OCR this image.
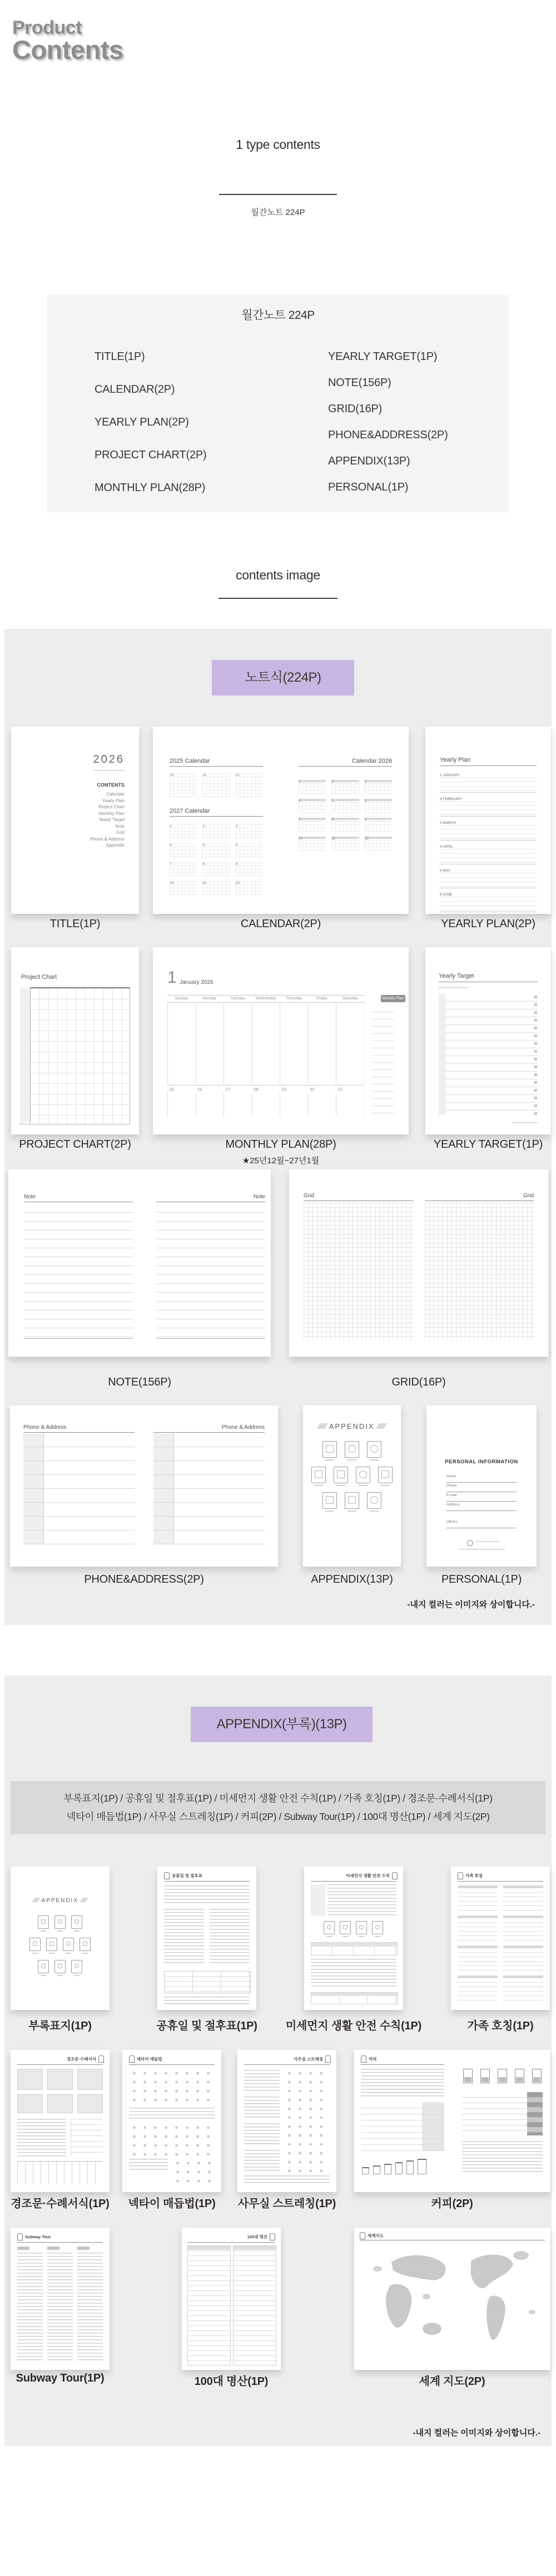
Product
Contents
1 type contents
월간노트 224P
월간노트 224P
TITLE(1P)
CALENDAR(2P)
YEARLY PLAN(2P)
PROJECT CHART(2P)
MONTHLY PLAN(28P)
YEARLY TARGET(1P)
NOTE(156P)
GRID(16P)
PHONE&ADDRESS(2P)
APPENDIX(13P)
PERSONAL(1P)
contents image
노트식(224P)
2026
CONTENTS
Calendar
Yearly Plan
Project Chart
Monthly Plan
Yearly Target
Note
Grid
Phone & Address
Appendix
2025 Calendar
10	11	12
2027 Calendar
1	2	3
4	5	6
7	8	9
10	11	12
Calendar 2026
1	2	3
4	5	6
7	8	9
10	11	12
Yearly Plan
1 JANUARY
2 FEBRUARY
3 MARCH
4 APRIL
5 MAY
6 JUNE
TITLE(1P)	CALENDAR(2P)	YEARLY PLAN(2P)
Project Chart	1 January 2026
Sunday	Monday	Tuesday	Wednesday	Thursday	Friday	Saturday	Weekly Plan
25	26	27	28	29	30	31
Yearly Target
PROJECT CHART(2P)	MONTHLY PLAN(28P)
★25년12월~27년1월
YEARLY TARGET(1P)
Note	Note	Grid	Grid
NOTE(156P)	GRID(16P)
Phone & Address	Phone & Address	APPENDIX
PERSONAL INFORMATION
Name
Phone
E-mail
Address
Others
PHONE&ADDRESS(2P)	APPENDIX(13P)	PERSONAL(1P)
-내지 컬러는 이미지와 상이합니다.-
APPENDIX(부록)(13P)
부록표지(1P) / 공휴일 및 절후표(1P) / 미세먼지 생활 안전 수칙(1P) / 가족 호칭(1P) / 경조문·수례서식(1P)
넥타이 매듭법(1P) / 사무실 스트레칭(1P) / 커피(2P) / Subway Tour(1P) / 100대 명산(1P) / 세계 지도(2P)
APPENDIX
공휴일 및 절후표	미세먼지 생활 안전 수칙	가족 호칭
부록표지(1P)	공휴일 및 절후표(1P)	미세먼지 생활 안전 수칙(1P)	가족 호칭(1P)
경조문·수례서식	넥타이 매듭법	사무실 스트레칭	커피
경조문·수례서식(1P) 넥타이 매듭법(1P) 사무실 스트레칭(1P)	커피(2P)
Subway Tour	100대 명산	세계지도
Subway Tour(1P)	100대 명산(1P)	세계 지도(2P)
-내지 컬러는 이미지와 상이합니다.-
